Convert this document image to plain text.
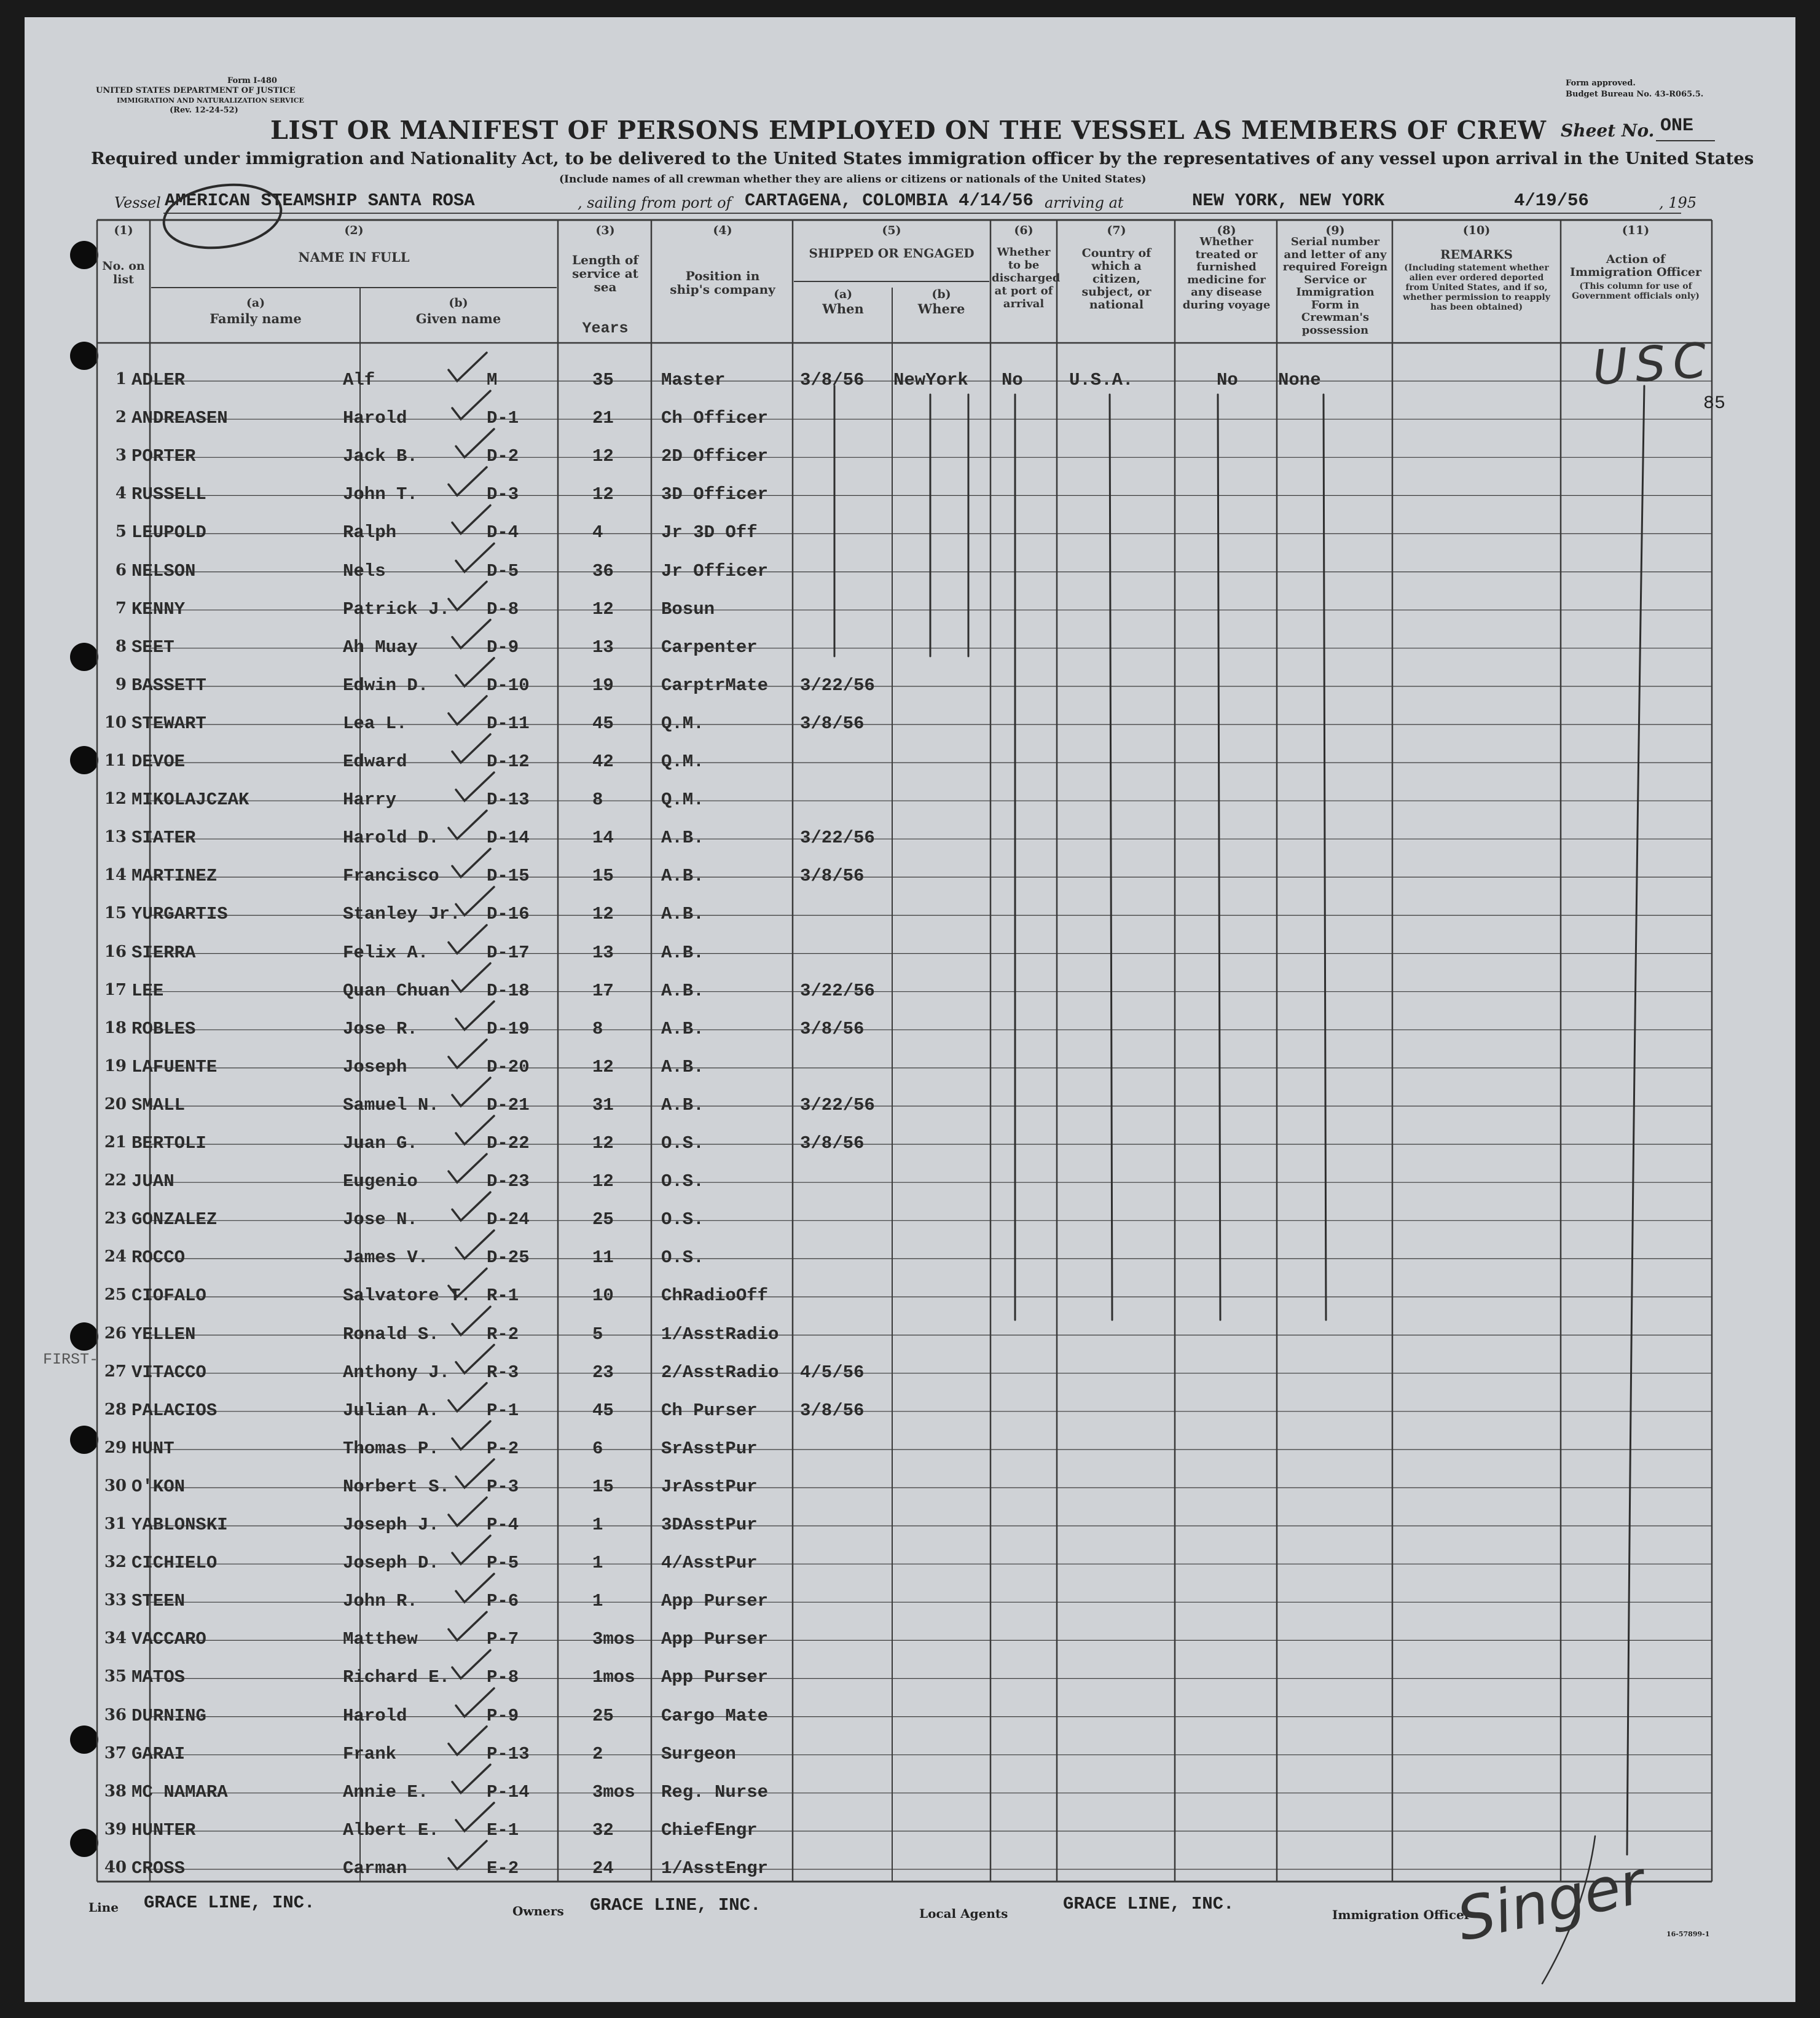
Form I-480
UNITED STATES DEPARTMENT OF JUSTICE
IMMIGRATION AND NATURALIZATION SERVICE
(Rev. 12-24-52)
Form approved.
Budget Bureau No. 43-R065.5.
LIST OR MANIFEST OF PERSONS EMPLOYED ON THE VESSEL AS MEMBERS OF CREW Sheet No. ONE
Required under immigration and Nationality Act, to be delivered to the United States immigration officer by the representatives of any vessel upon arrival in the United States
(Include names of all crewman whether they are aliens or citizens or nationals of the United States)
Vessel AMERICAN STEAMSHIP SANTA ROSA	, sailing from port of CARTAGENA, COLOMBIA 4/14/56 arriving at	NEW YORK, NEW YORK	4/19/56	, 195
(1)
No. on list
(2)
NAME IN FULL
(a)
Family name
(b)
Given name
(3)
Length of service at sea
Years
(4)
Position in ship's company
(5)
SHIPPED OR ENGAGED
(a)
When
(b)
Where
(6)
Whether to be discharged at port of arrival
(7)
Country of which a citizen, subject, or national
(8)
Whether treated or furnished medicine for any disease during voyage
(9)
Serial number and letter of any required Foreign Service or Immigration Form in Crewman's possession
(10)
REMARKS
(Including statement whether alien ever ordered deported from United States, and if so, whether permission to reapply has been obtained)
(11)
Action of Immigration Officer
(This column for use of Government officials only)
1 ADLER	Alf	M	35	Master	3/8/56 NewYork No	U.S.A.	No None
2 ANDREASEN	Harold	D-1	21	Ch Officer
3 PORTER	Jack B.	D-2	12	2D Officer
4 RUSSELL	John T.	D-3	12	3D Officer
5 LEUPOLD	Ralph	D-4	4	Jr 3D Off
6 NELSON	Nels	D-5	36	Jr Officer
7 KENNY	Patrick J. D-8	12	Bosun
8 SEET	Ah Muay	D-9	13	Carpenter
9 BASSETT	Edwin D.	D-10	19	CarptrMate 3/22/56
10 STEWART	Lea L.	D-11	45	Q.M.	3/8/56
11 DEVOE	Edward	D-12	42	Q.M.
12 MIKOLAJCZAK	Harry	D-13	8	Q.M.
13 SIATER	Harold D.	D-14	14	A.B.	3/22/56
14 MARTINEZ	Francisco	D-15	15	A.B.	3/8/56
15 YURGARTIS	Stanley Jr. D-16	12	A.B.
16 SIERRA	Felix A.	D-17	13	A.B.
17 LEE	Quan Chuan D-18	17	A.B.	3/22/56
18 ROBLES	Jose R.	D-19	8	A.B.	3/8/56
19 LAFUENTE	Joseph	D-20	12	A.B.
20 SMALL	Samuel N.	D-21	31	A.B.	3/22/56
21 BERTOLI	Juan G.	D-22	12	O.S.	3/8/56
22 JUAN	Eugenio	D-23	12	O.S.
23 GONZALEZ	Jose N.	D-24	25	O.S.
24 ROCCO	James V.	D-25	11	O.S.
25 CIOFALO	Salvatore T. R-1	10	ChRadioOff
26 YELLEN	Ronald S.	R-2	5	1/AsstRadio
27 VITACCO	Anthony J. R-3	23	2/AsstRadio 4/5/56
28 PALACIOS	Julian A.	P-1	45	Ch Purser 3/8/56
29 HUNT	Thomas P.	P-2	6	SrAsstPur
30 O'KON	Norbert S. P-3	15	JrAsstPur
31 YABLONSKI	Joseph J.	P-4	1	3DAsstPur
32 CICHIELO	Joseph D.	P-5	1	4/AsstPur
33 STEEN	John R.	P-6	1	App Purser
34 VACCARO	Matthew	P-7	3mos App Purser
35 MATOS	Richard E. P-8	1mos App Purser
36 DURNING	Harold	P-9	25	Cargo Mate
37 GARAI	Frank	P-13	2	Surgeon
38 MC NAMARA	Annie E.	P-14	3mos Reg. Nurse
39 HUNTER	Albert E.	E-1	32	ChiefEngr
40 CROSS	Carman	E-2	24	1/AsstEngr
USC
85
FIRST-
Line GRACE LINE, INC.	Owners GRACE LINE, INC.	Local Agents	GRACE LINE, INC.
Immigration Officer
Singer 16-57899-1
